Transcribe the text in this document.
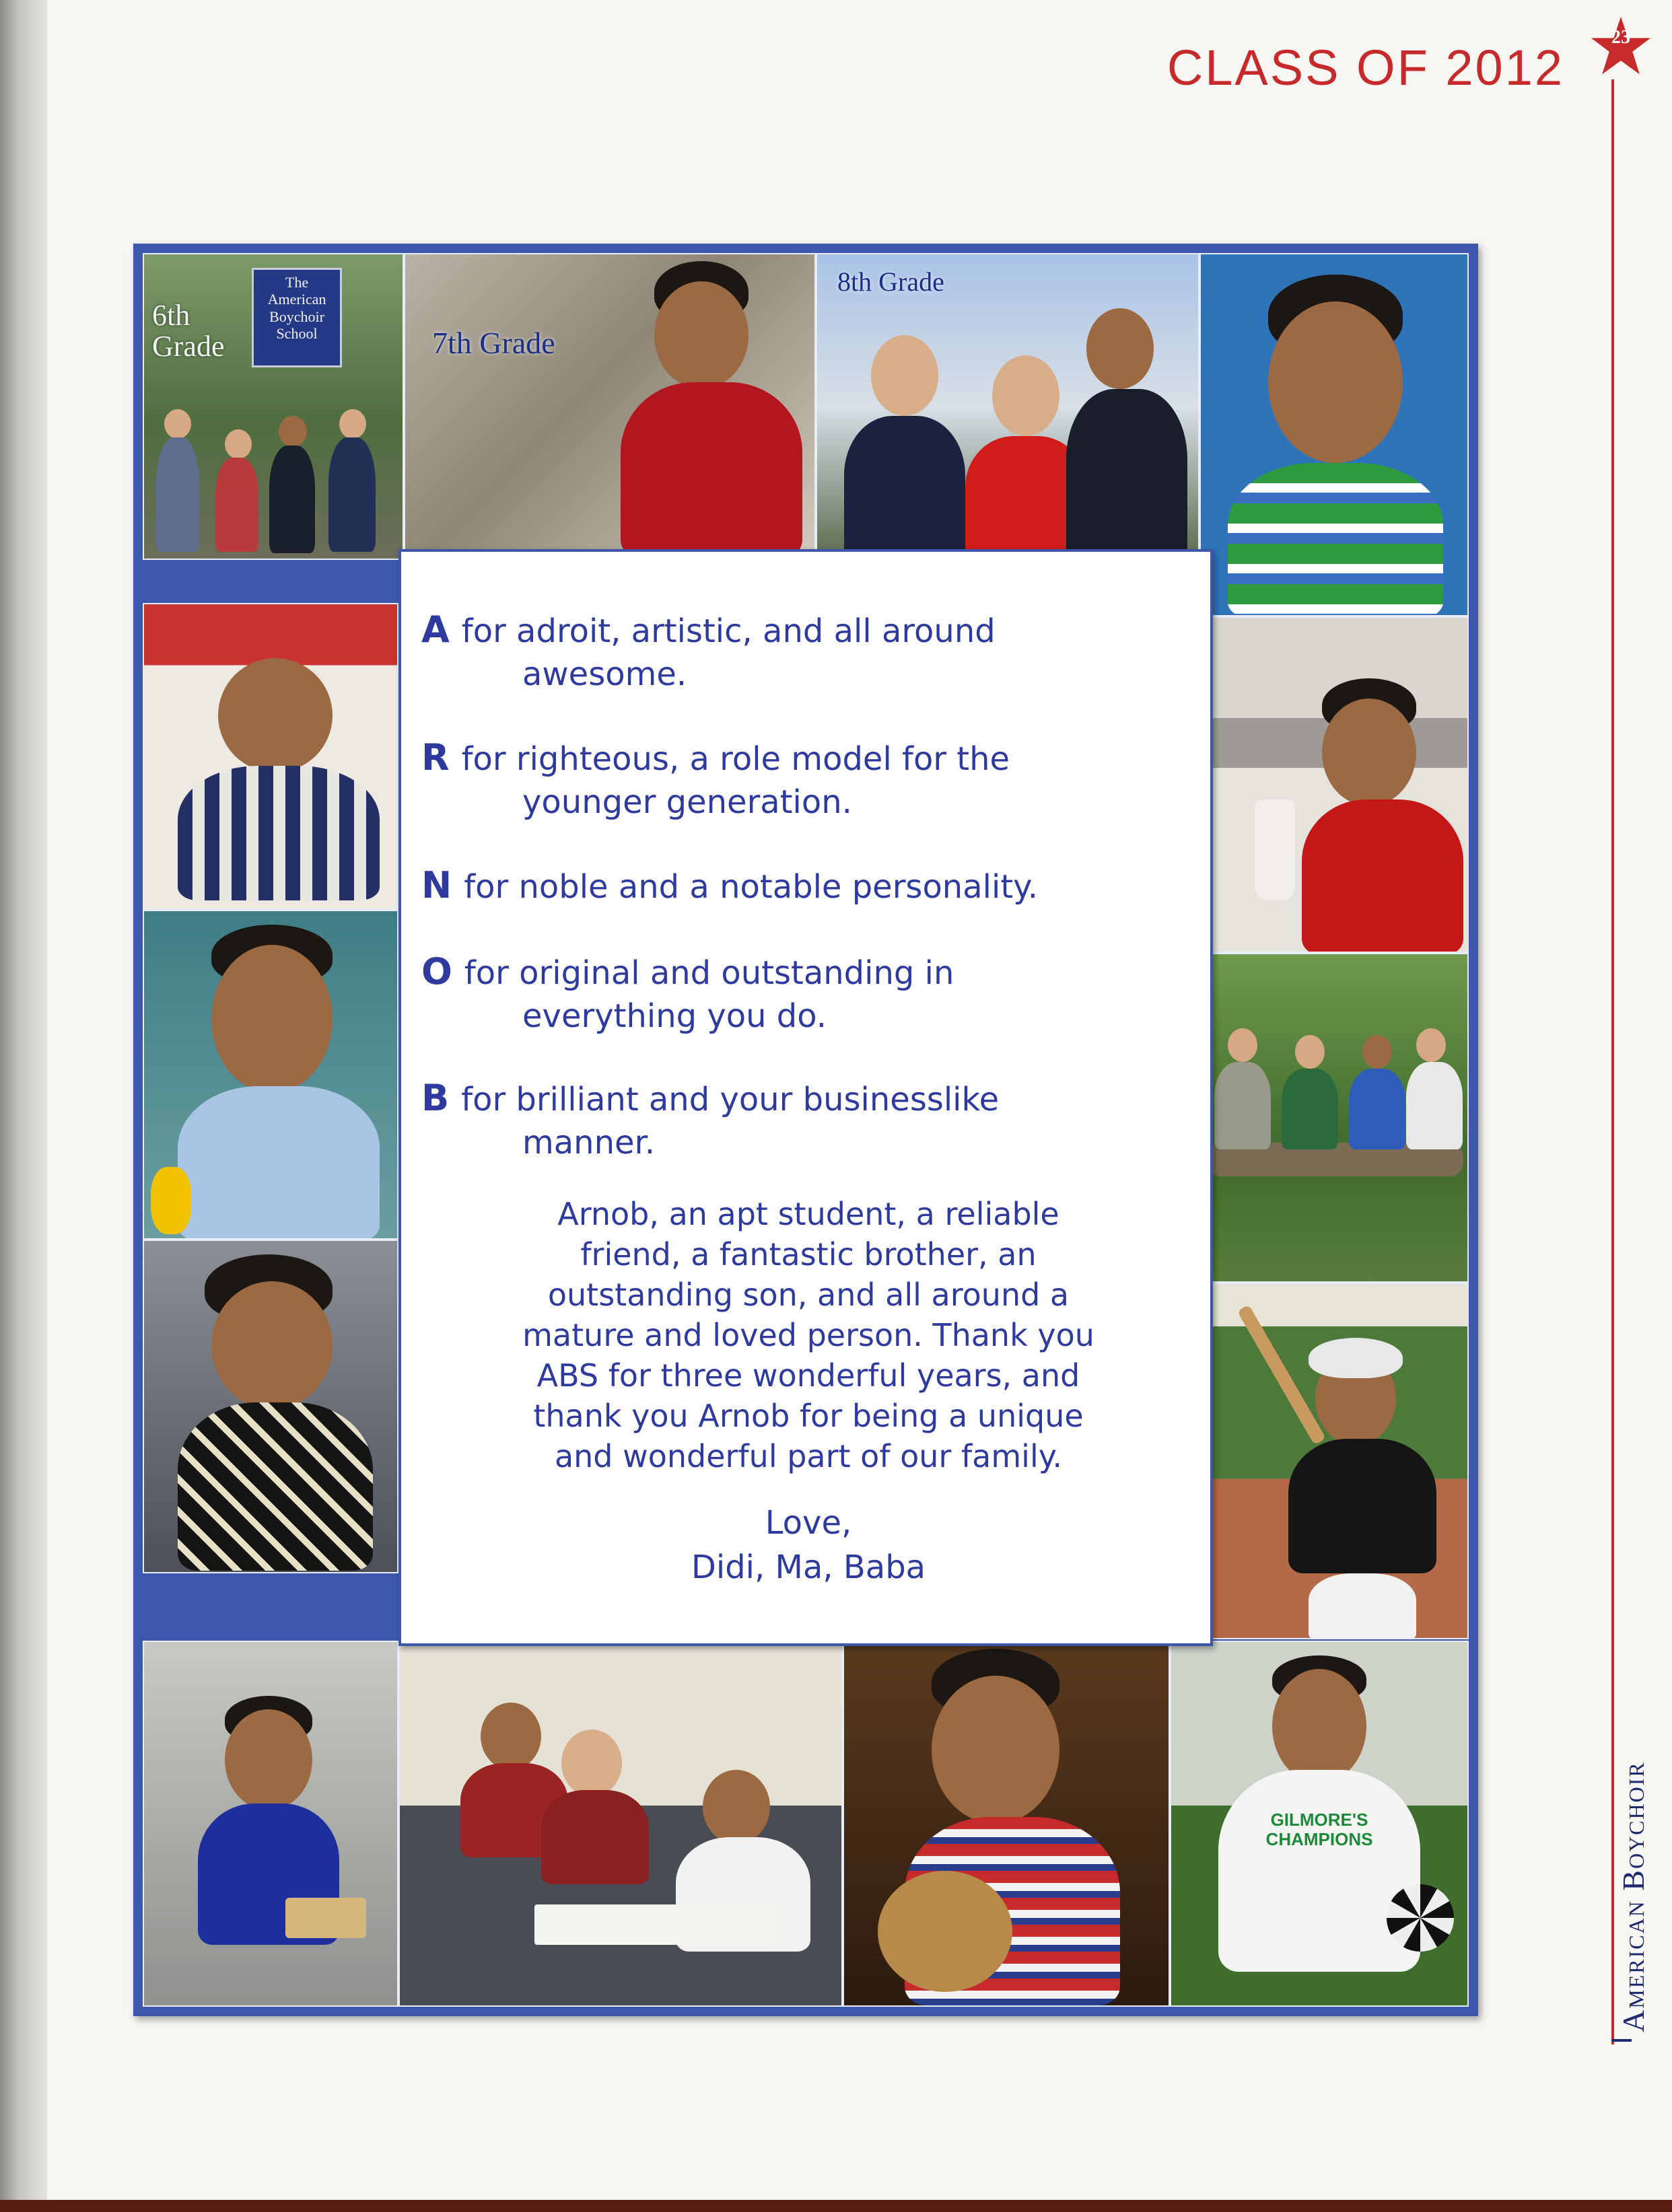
CLASS OF 2012
23
American Boychoir
6th
Grade
The American Boychoir School	7th Grade
8th Grade
GILMORE'S CHAMPIONS
A for adroit, artistic, and all around
awesome.
R for righteous, a role model for the
younger generation.
N for noble and a notable personality.
O for original and outstanding in
everything you do.
B for brilliant and your businesslike
manner.
Arnob, an apt student, a reliable
friend, a fantastic brother, an
outstanding son, and all around a
mature and loved person. Thank you
ABS for three wonderful years, and
thank you Arnob for being a unique
and wonderful part of our family.
Love,
Didi, Ma, Baba
